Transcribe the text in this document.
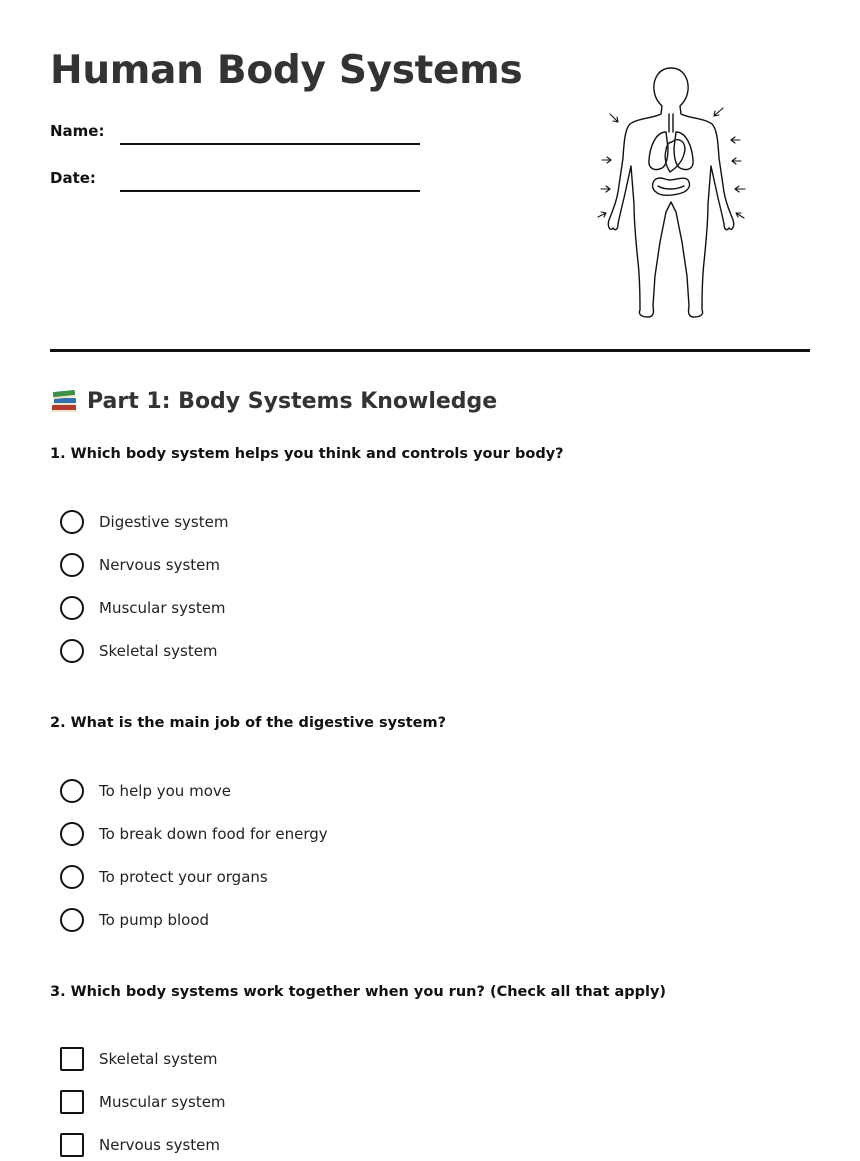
Human Body Systems
Name:
Date:
Part 1: Body Systems Knowledge

1. Which body system helps you think and controls your body?

Digestive system
Nervous system
Muscular system
Skeletal system

2. What is the main job of the digestive system?

To help you move
To break down food for energy
To protect your organs
To pump blood

3. Which body systems work together when you run? (Check all that apply)

Skeletal system
Muscular system
Nervous system
